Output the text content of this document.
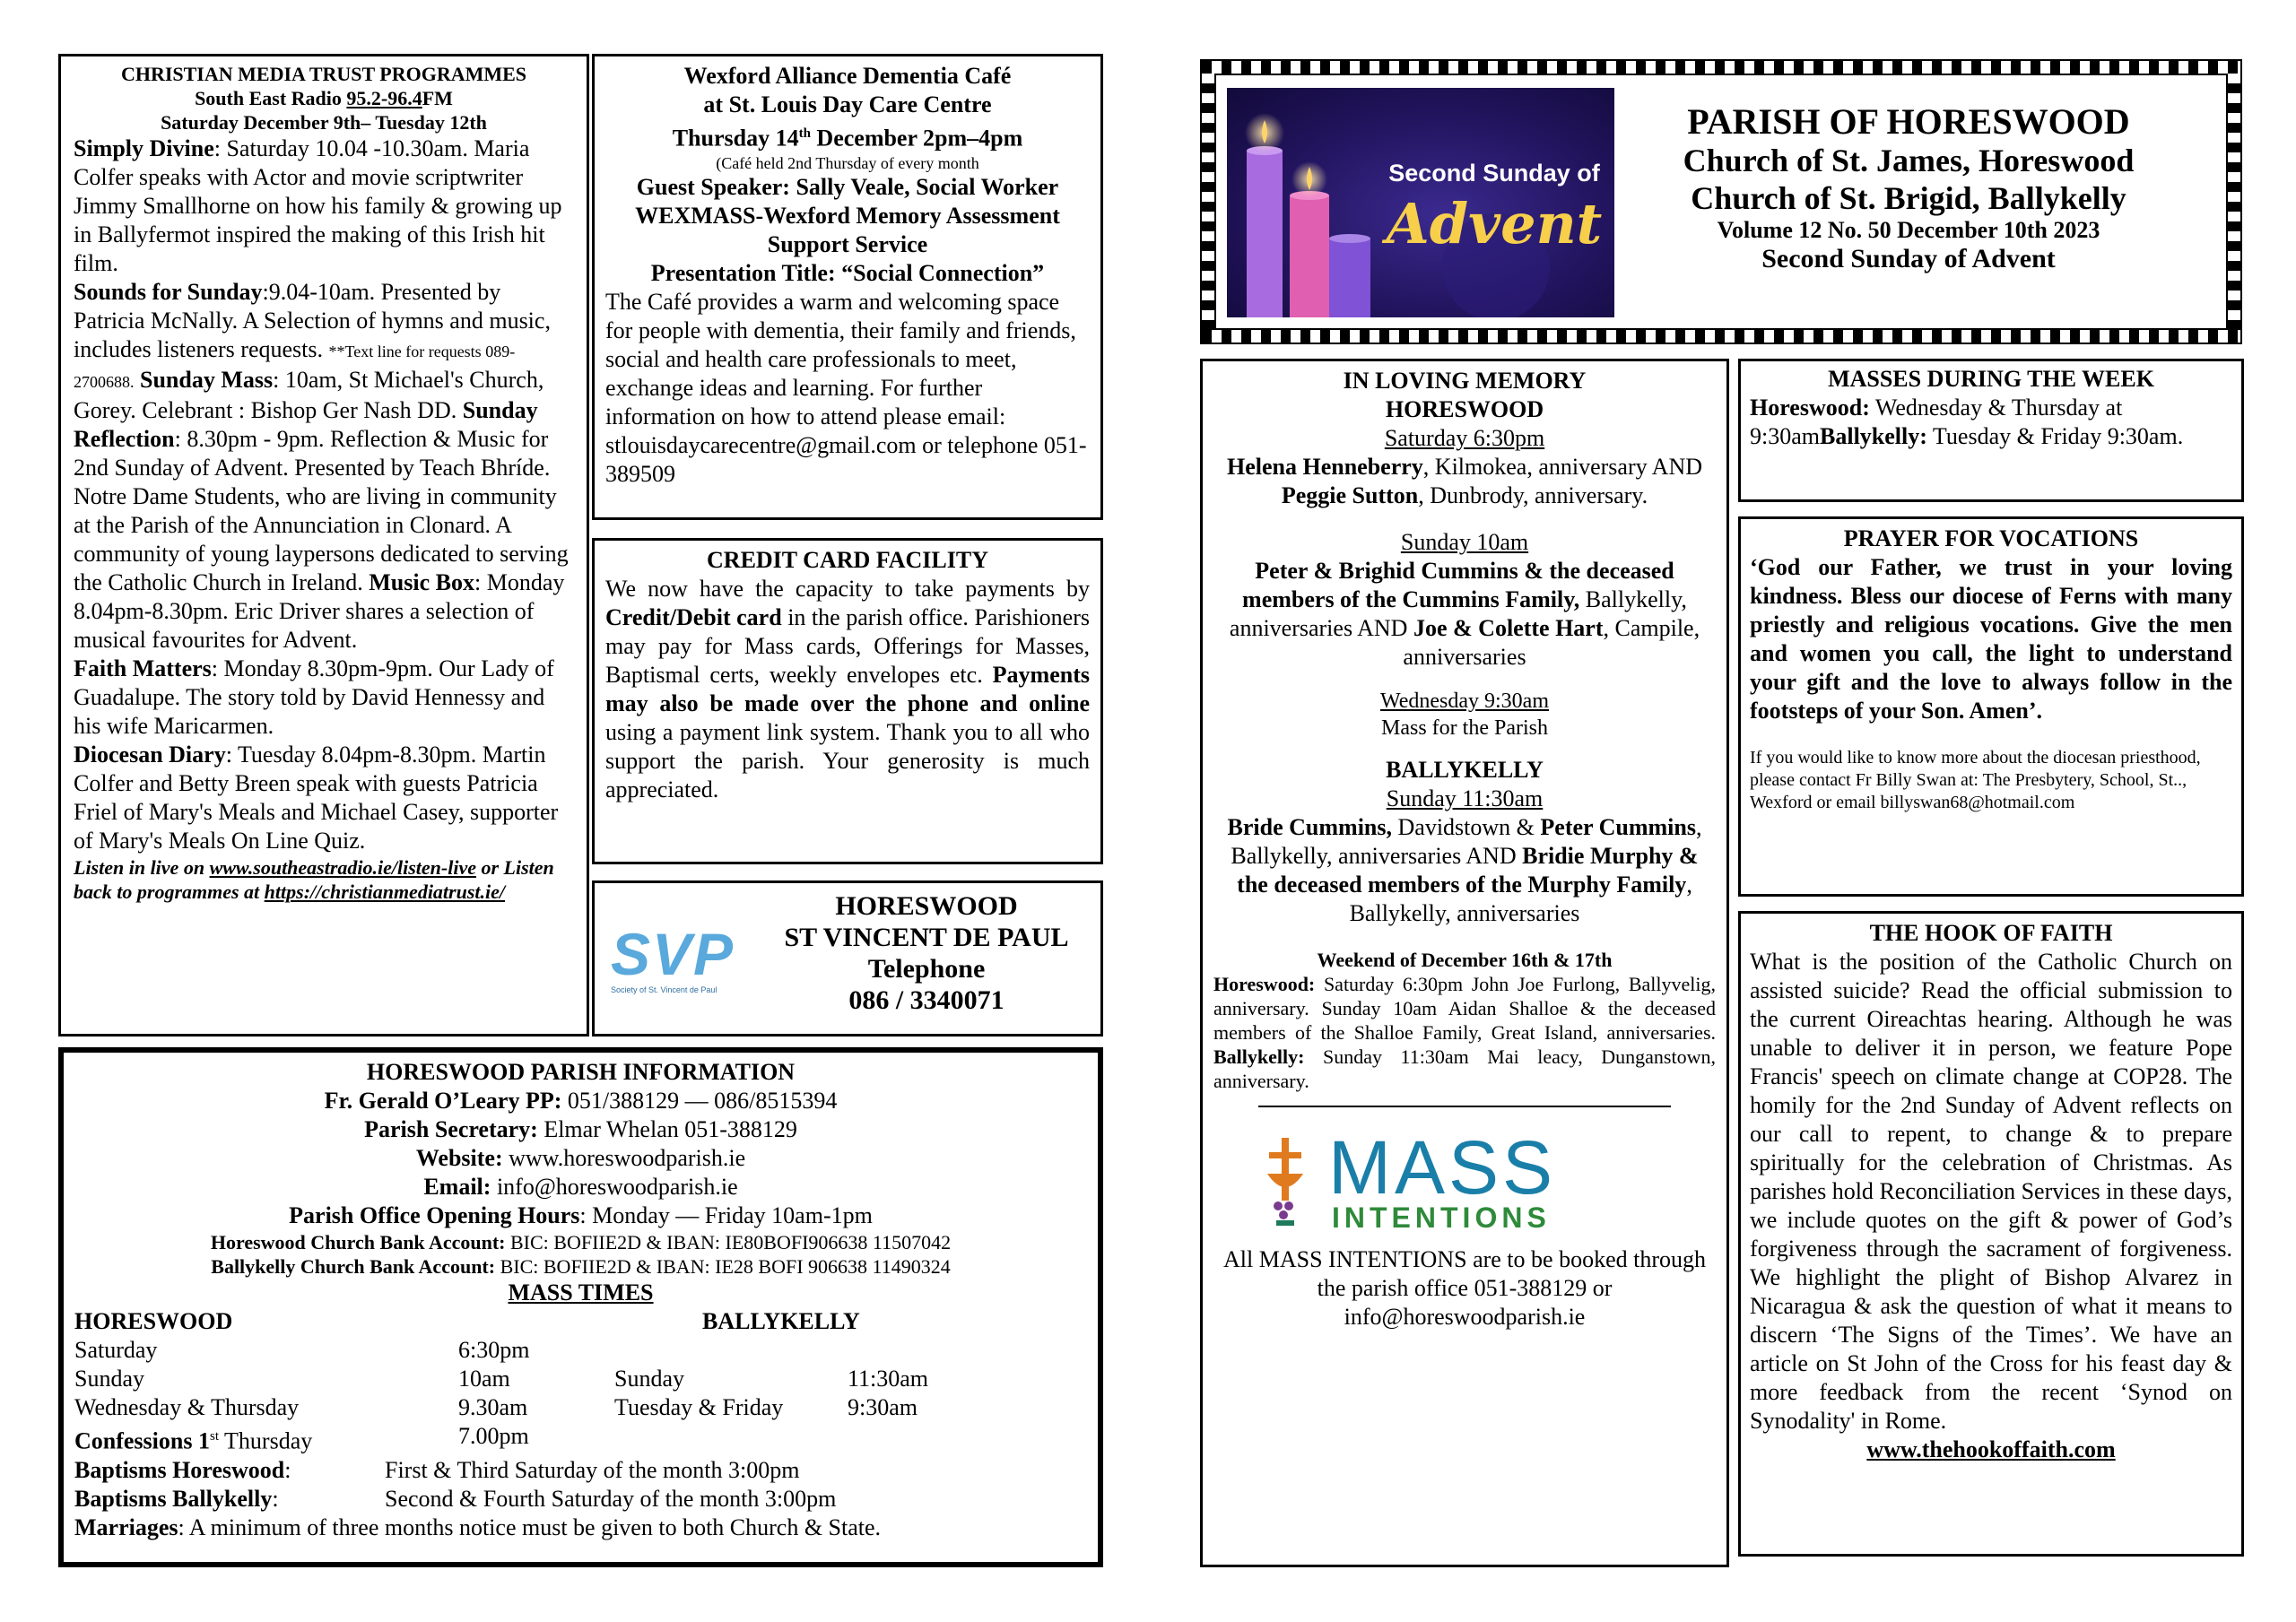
CHRISTIAN MEDIA TRUST PROGRAMMES

South East Radio 95.2-96.4FM

Saturday December 9th– Tuesday 12th

Simply Divine: Saturday 10.04 -10.30am. Maria Colfer speaks with Actor and movie scriptwriter Jimmy Smallhorne on how his family & growing up in Ballyfermot inspired the making of this Irish hit film.
Sounds for Sunday:9.04-10am. Presented by Patricia McNally. A Selection of hymns and music, includes listeners requests. **Text line for requests 089-2700688. Sunday Mass: 10am, St Michael's Church, Gorey. Celebrant : Bishop Ger Nash DD. Sunday Reflection: 8.30pm - 9pm. Reflection & Music for 2nd Sunday of Advent. Presented by Teach Bhríde. Notre Dame Students, who are living in community at the Parish of the Annunciation in Clonard. A community of young laypersons dedicated to serving the Catholic Church in Ireland. Music Box: Monday 8.04pm-8.30pm. Eric Driver shares a selection of musical favourites for Advent.
Faith Matters: Monday 8.30pm-9pm. Our Lady of Guadalupe. The story told by David Hennessy and his wife Maricarmen.
Diocesan Diary: Tuesday 8.04pm-8.30pm. Martin Colfer and Betty Breen speak with guests Patricia Friel of Mary's Meals and Michael Casey, supporter of Mary's Meals On Line Quiz.

Listen in live on www.southeastradio.ie/listen-live or Listen back to programmes at https://christianmediatrust.ie/

Wexford Alliance Dementia Café

at St. Louis Day Care Centre

Thursday 14th December 2pm–4pm

(Café held 2nd Thursday of every month

Guest Speaker: Sally Veale, Social Worker

WEXMASS-Wexford Memory Assessment Support Service

Presentation Title: “Social Connection”

The Café provides a warm and welcoming space for people with dementia, their family and friends, social and health care professionals to meet, exchange ideas and learning. For further information on how to attend please email: stlouisdaycarecentre@gmail.com or telephone 051-389509

CREDIT CARD FACILITY

We now have the capacity to take payments by Credit/Debit card in the parish office. Parishioners may pay for Mass cards, Offerings for Masses, Baptismal certs, weekly envelopes etc. Payments may also be made over the phone and online using a payment link system. Thank you to all who support the parish. Your generosity is much appreciated.

SVP
Society of St. Vincent de Paul

HORESWOOD

ST VINCENT DE PAUL

Telephone

086 / 3340071

HORESWOOD PARISH INFORMATION

Fr. Gerald O’Leary PP: 051/388129 — 086/8515394

Parish Secretary: Elmar Whelan 051-388129

Website: www.horeswoodparish.ie

Email: info@horeswoodparish.ie

Parish Office Opening Hours: Monday — Friday 10am-1pm

Horeswood Church Bank Account: BIC: BOFIIE2D & IBAN: IE80BOFI906638 11507042

Ballykelly Church Bank Account: BIC: BOFIIE2D & IBAN: IE28 BOFI 906638 11490324

MASS TIMES

HORESWOOD	BALLYKELLY
Saturday	6:30pm
Sunday	10am	Sunday	11:30am
Wednesday & Thursday	9.30am	Tuesday & Friday	9:30am
Confessions 1st Thursday	7.00pm
Baptisms Horeswood:	First & Third Saturday of the month 3:00pm
Baptisms Ballykelly:	Second & Fourth Saturday of the month 3:00pm

Marriages: A minimum of three months notice must be given to both Church & State.

Second Sunday of
Advent

PARISH OF HORESWOOD

Church of St. James, Horeswood

Church of St. Brigid, Ballykelly

Volume 12 No. 50 December 10th 2023

Second Sunday of Advent

IN LOVING MEMORY

HORESWOOD

Saturday 6:30pm

Helena Henneberry, Kilmokea, anniversary AND Peggie Sutton, Dunbrody, anniversary.

Sunday 10am

Peter & Brighid Cummins & the deceased members of the Cummins Family, Ballykelly, anniversaries AND Joe & Colette Hart, Campile, anniversaries

Wednesday 9:30am

Mass for the Parish

BALLYKELLY

Sunday 11:30am

Bride Cummins, Davidstown & Peter Cummins, Ballykelly, anniversaries AND Bridie Murphy & the deceased members of the Murphy Family, Ballykelly, anniversaries

Weekend of December 16th & 17th

Horeswood: Saturday 6:30pm John Joe Furlong, Ballyvelig, anniversary. Sunday 10am Aidan Shalloe & the deceased members of the Shalloe Family, Great Island, anniversaries. Ballykelly: Sunday 11:30am Mai leacy, Dunganstown, anniversary.

MASS
INTENTIONS

All MASS INTENTIONS are to be booked through the parish office 051-388129 or info@horeswoodparish.ie

MASSES DURING THE WEEK

Horeswood: Wednesday & Thursday at 9:30amBallykelly: Tuesday & Friday 9:30am.

PRAYER FOR VOCATIONS

‘God our Father, we trust in your loving kindness. Bless our diocese of Ferns with many priestly and religious vocations. Give the men and women you call, the light to understand your gift and the love to always follow in the footsteps of your Son. Amen’.

If you would like to know more about the diocesan priesthood, please contact Fr Billy Swan at: The Presbytery, School, St.., Wexford or email billyswan68@hotmail.com

THE HOOK OF FAITH

What is the position of the Catholic Church on assisted suicide? Read the official submission to the current Oireachtas hearing. Although he was unable to deliver it in person, we feature Pope Francis' speech on climate change at COP28. The homily for the 2nd Sunday of Advent reflects on our call to repent, to change & to prepare spiritually for the celebration of Christmas. As parishes hold Reconciliation Services in these days, we include quotes on the gift & power of God’s forgiveness through the sacrament of forgiveness. We highlight the plight of Bishop Alvarez in Nicaragua & ask the question of what it means to discern ‘The Signs of the Times’. We have an article on St John of the Cross for his feast day & more feedback from the recent ‘Synod on Synodality' in Rome.

www.thehookoffaith.com
